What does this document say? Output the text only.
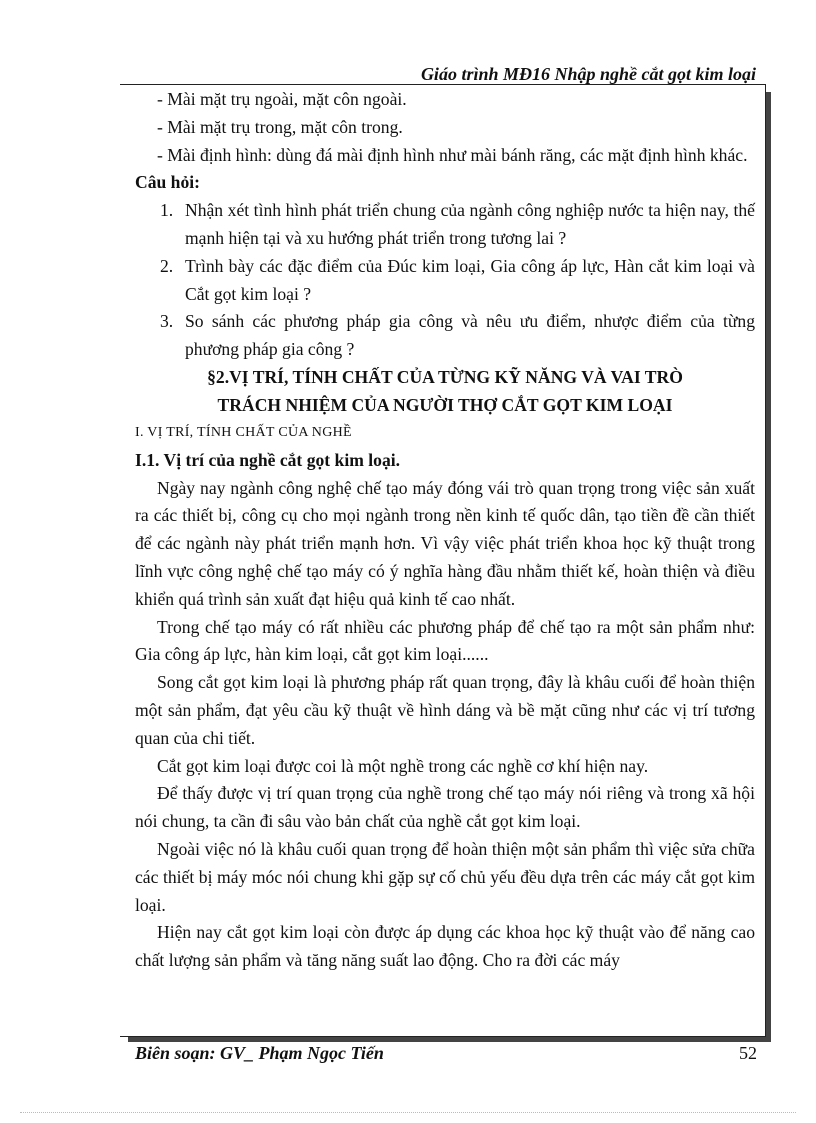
Giáo trình MĐ16 Nhập nghề cắt gọt kim loại

- Mài mặt trụ ngoài, mặt côn ngoài.

- Mài mặt trụ trong, mặt côn trong.

- Mài định hình: dùng đá mài định hình như mài bánh răng, các mặt định hình khác.

Câu hỏi:

1. Nhận xét tình hình phát triển chung của ngành công nghiệp nước ta hiện nay, thế mạnh hiện tại và xu hướng phát triển trong tương lai ?
2. Trình bày các đặc điểm của Đúc kim loại, Gia công áp lực, Hàn cắt kim loại và Cắt gọt kim loại ?
3. So sánh các phương pháp gia công và nêu ưu điểm, nhược điểm của từng phương pháp gia công ?
§2.VỊ TRÍ, TÍNH CHẤT CỦA TỪNG KỸ NĂNG VÀ VAI TRÒ
TRÁCH NHIỆM CỦA NGƯỜI THỢ CẮT GỌT KIM LOẠI
I. VỊ TRÍ, TÍNH CHẤT CỦA NGHỀ
I.1. Vị trí của nghề cắt gọt kim loại.

Ngày nay ngành công nghệ chế tạo máy đóng vái trò quan trọng trong việc sản xuất ra các thiết bị, công cụ cho mọi ngành trong nền kinh tế quốc dân, tạo tiền đề cần thiết để các ngành này phát triển mạnh hơn. Vì vậy việc phát triển khoa học kỹ thuật trong lĩnh vực công nghệ chế tạo máy có ý nghĩa hàng đầu nhằm thiết kế, hoàn thiện và điều khiển quá trình sản xuất đạt hiệu quả kinh tế cao nhất.

Trong chế tạo máy có rất nhiều các phương pháp để chế tạo ra một sản phẩm như: Gia công áp lực, hàn kim loại, cắt gọt kim loại......

Song cắt gọt kim loại là phương pháp rất quan trọng, đây là khâu cuối để hoàn thiện một sản phẩm, đạt yêu cầu kỹ thuật về hình dáng và bề mặt cũng như các vị trí tương quan của chi tiết.

Cắt gọt kim loại được coi là một nghề trong các nghề cơ khí hiện nay.

Để thấy được vị trí quan trọng của nghề trong chế tạo máy nói riêng và trong xã hội nói chung, ta cần đi sâu vào bản chất của nghề cắt gọt kim loại.

Ngoài việc nó là khâu cuối quan trọng để hoàn thiện một sản phẩm thì việc sửa chữa các thiết bị máy móc nói chung khi gặp sự cố chủ yếu đều dựa trên các máy cắt gọt kim loại.

Hiện nay cắt gọt kim loại còn được áp dụng các khoa học kỹ thuật vào để năng cao chất lượng sản phẩm và tăng năng suất lao động. Cho ra đời các máy

Biên soạn: GV_ Phạm Ngọc Tiến	52
